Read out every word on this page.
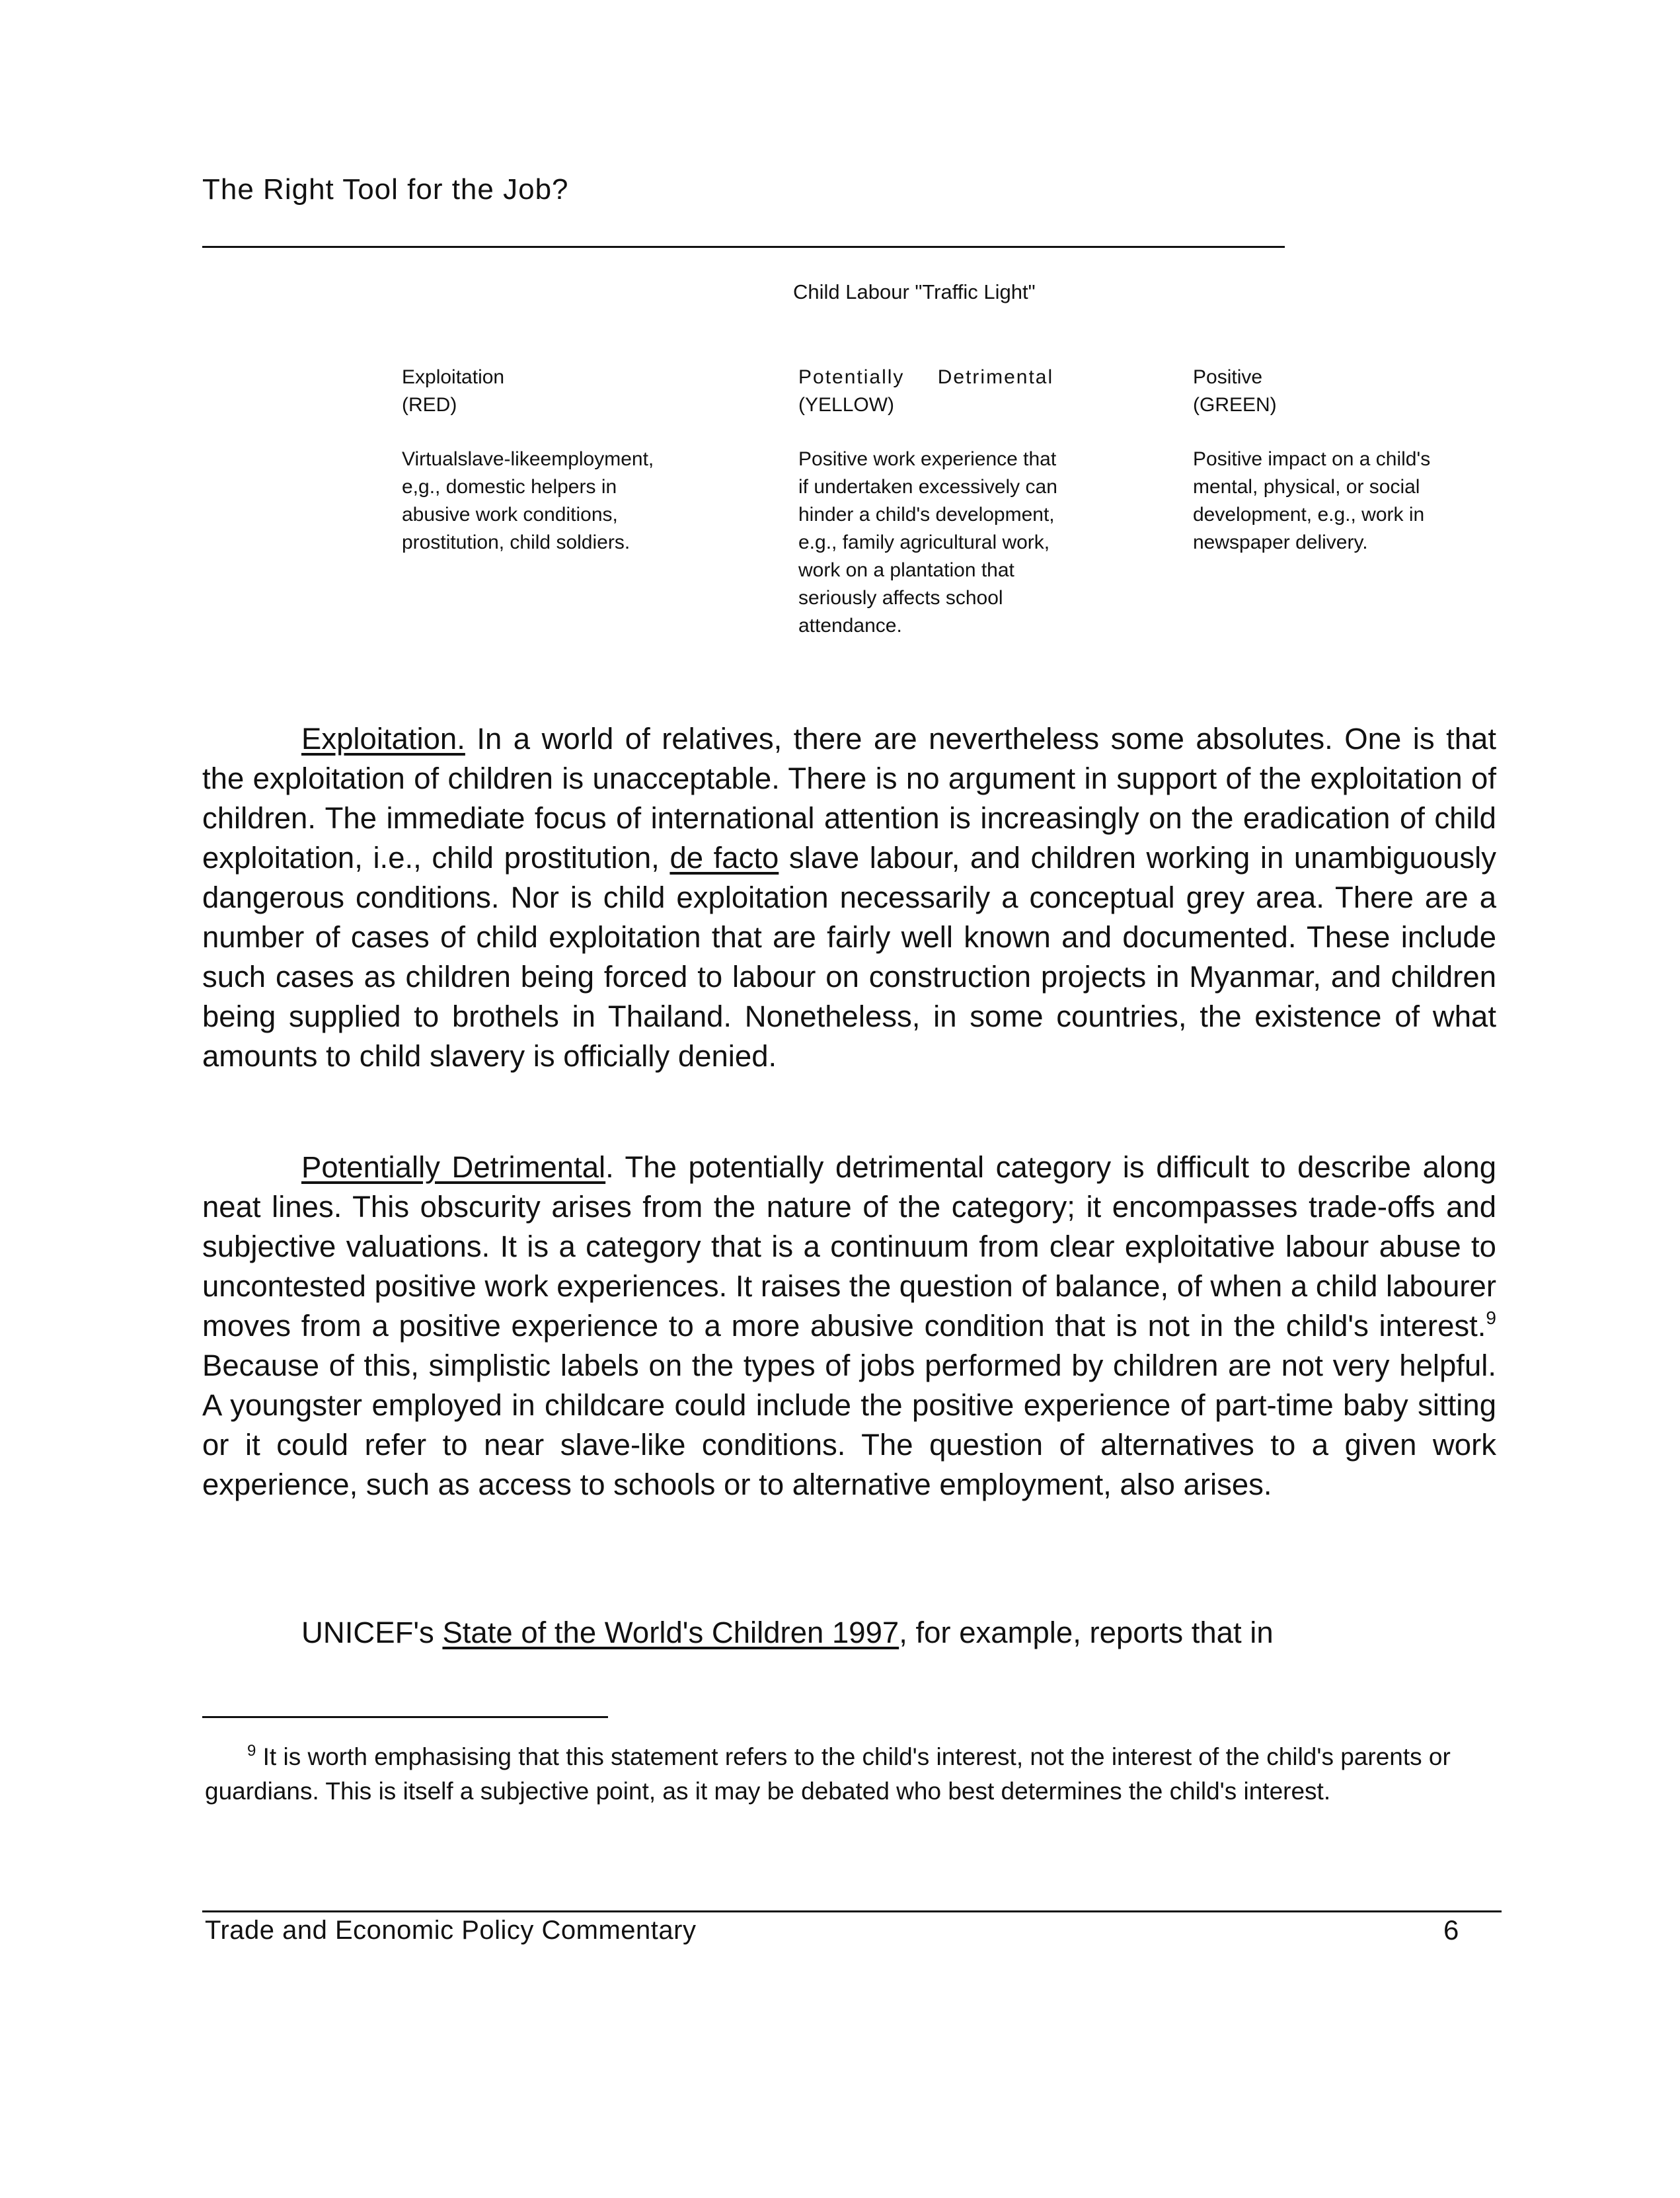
The Right Tool for the Job?
Child Labour "Traffic Light"
Exploitation
(RED)
Virtualslave-likeemployment,
e,g., domestic helpers in
abusive work conditions,
prostitution, child soldiers.
Potentially Detrimental
(YELLOW)
Positive work experience that
if undertaken excessively can
hinder a child's development,
e.g., family agricultural work,
work on a plantation that
seriously affects school
attendance.
Positive
(GREEN)
Positive impact on a child's
mental, physical, or social
development, e.g., work in
newspaper delivery.

Exploitation. In a world of relatives, there are nevertheless some absolutes. One is that the exploitation of children is unacceptable. There is no argument in support of the exploitation of children. The immediate focus of international attention is increasingly on the eradication of child exploitation, i.e., child prostitution, de facto slave labour, and children working in unambiguously dangerous conditions. Nor is child exploitation necessarily a conceptual grey area. There are a number of cases of child exploitation that are fairly well known and documented. These include such cases as children being forced to labour on construction projects in Myanmar, and children being supplied to brothels in Thailand. Nonetheless, in some countries, the existence of what amounts to child slavery is officially denied.

Potentially Detrimental. The potentially detrimental category is difficult to describe along neat lines. This obscurity arises from the nature of the category; it encompasses trade-offs and subjective valuations. It is a category that is a continuum from clear exploitative labour abuse to uncontested positive work experiences. It raises the question of balance, of when a child labourer moves from a positive experience to a more abusive condition that is not in the child's interest.$^9$ Because of this, simplistic labels on the types of jobs performed by children are not very helpful. A youngster employed in childcare could include the positive experience of part-time baby sitting or it could refer to near slave-like conditions. The question of alternatives to a given work experience, such as access to schools or to alternative employment, also arises.

UNICEF's State of the World's Children 1997, for example, reports that in

$^9$ It is worth emphasising that this statement refers to the child's interest, not the interest of the child's parents or guardians. This is itself a subjective point, as it may be debated who best determines the child's interest.

Trade and Economic Policy Commentary	6
